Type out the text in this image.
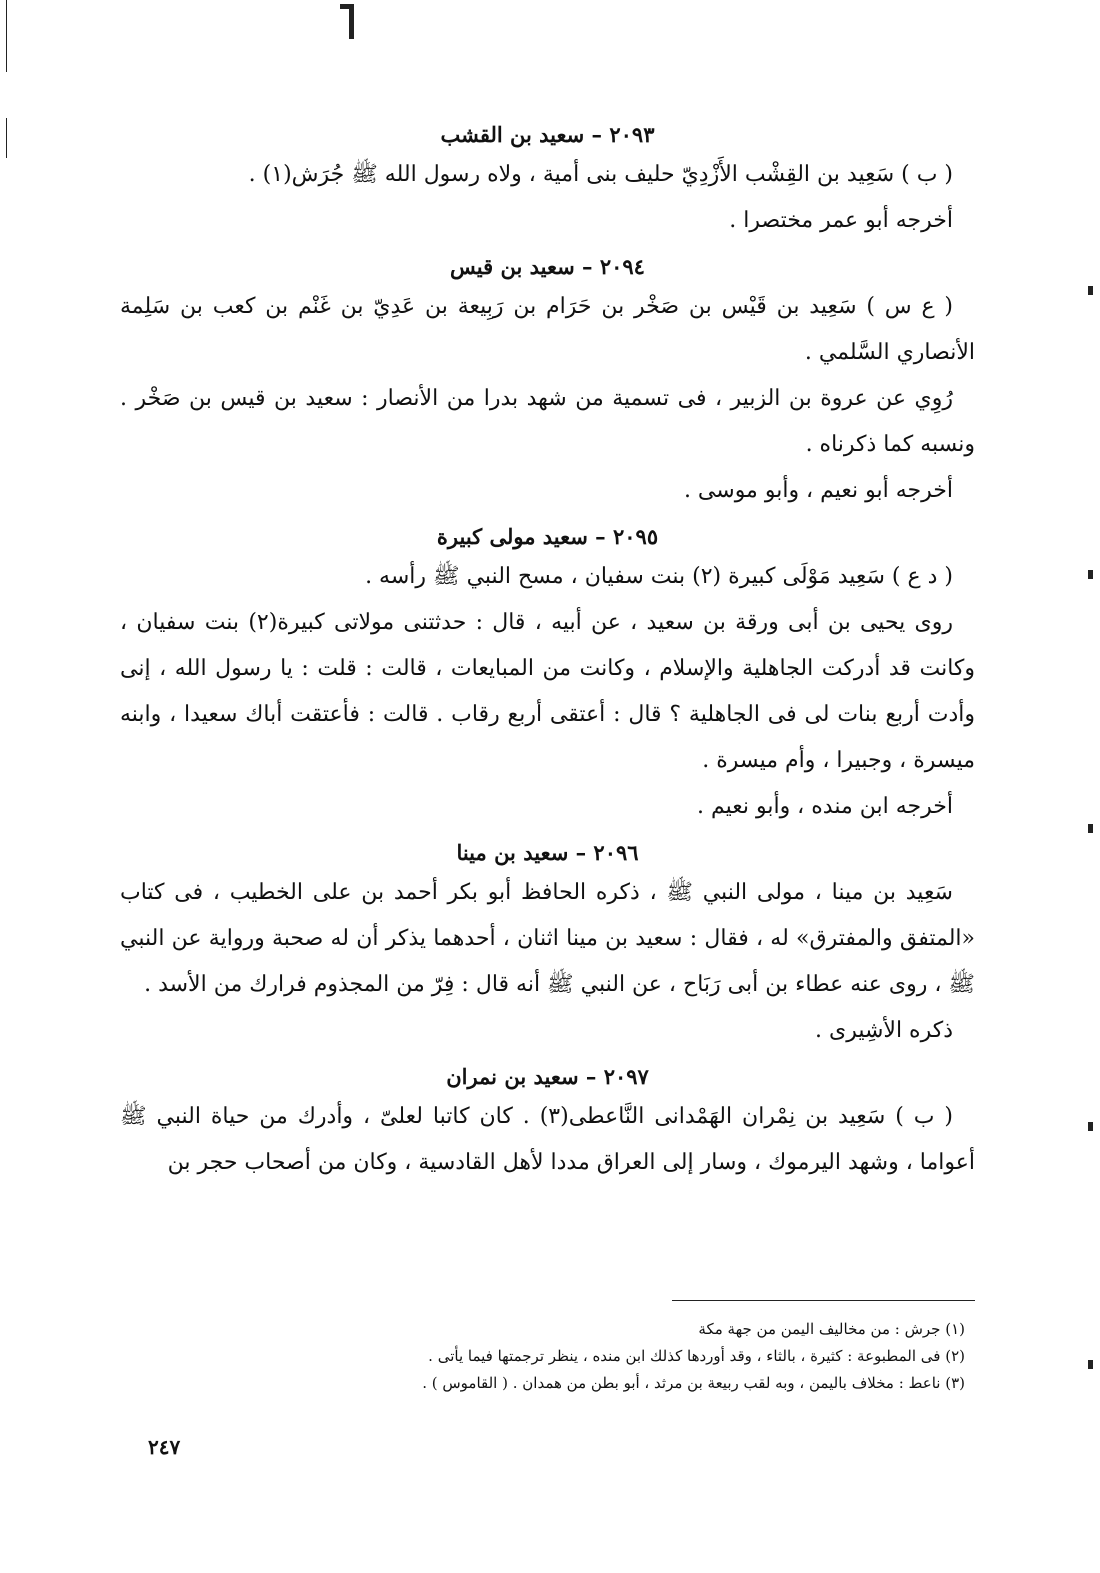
٢٠٩٣ – سعيد بن القشب

( ب ) سَعِيد بن القِشْب الأَزْدِيّ حليف بنى أمية ، ولاه رسول الله ﷺ جُرَش(١) .

أخرجه أبو عمر مختصرا .

٢٠٩٤ – سعيد بن قيس

( ع س ) سَعِيد بن قَيْس بن صَخْر بن حَرَام بن رَبِيعة بن عَدِيّ بن غَنْم بن كعب بن سَلِمة الأنصاري السَّلمي .

رُوِي عن عروة بن الزبير ، فى تسمية من شهد بدرا من الأنصار : سعيد بن قيس بن صَخْر . ونسبه كما ذكرناه .

أخرجه أبو نعيم ، وأبو موسى .

٢٠٩٥ – سعيد مولى كبيرة

( د ع ) سَعِيد مَوْلَى كبيرة (٢) بنت سفيان ، مسح النبي ﷺ رأسه .

روى يحيى بن أبى ورقة بن سعيد ، عن أبيه ، قال : حدثتنى مولاتى كبيرة(٢) بنت سفيان ، وكانت قد أدركت الجاهلية والإسلام ، وكانت من المبايعات ، قالت : قلت : يا رسول الله ، إنى وأدت أربع بنات لى فى الجاهلية ؟ قال : أعتقى أربع رقاب . قالت : فأعتقت أباك سعيدا ، وابنه ميسرة ، وجبيرا ، وأم ميسرة .

أخرجه ابن منده ، وأبو نعيم .

٢٠٩٦ – سعيد بن مينا

سَعِيد بن مينا ، مولى النبي ﷺ ، ذكره الحافظ أبو بكر أحمد بن على الخطيب ، فى كتاب «المتفق والمفترق» له ، فقال : سعيد بن مينا اثنان ، أحدهما يذكر أن له صحبة ورواية عن النبي ﷺ ، روى عنه عطاء بن أبى رَبَاح ، عن النبي ﷺ أنه قال : فِرّ من المجذوم فرارك من الأسد .

ذكره الأشِيرى .

٢٠٩٧ – سعيد بن نمران

( ب ) سَعِيد بن نِمْران الهَمْدانى النَّاعطى(٣) . كان كاتبا لعلىّ ، وأدرك من حياة النبي ﷺ أعواما ، وشهد اليرموك ، وسار إلى العراق مددا لأهل القادسية ، وكان من أصحاب حجر بن

(١) جرش : من مخاليف اليمن من جهة مكة

(٢) فى المطبوعة : كثيرة ، بالثاء ، وقد أوردها كذلك ابن منده ، ينظر ترجمتها فيما يأتى .

(٣) ناعط : مخلاف باليمن ، وبه لقب ربيعة بن مرثد ، أبو بطن من همدان . ( القاموس ) .

٢٤٧
